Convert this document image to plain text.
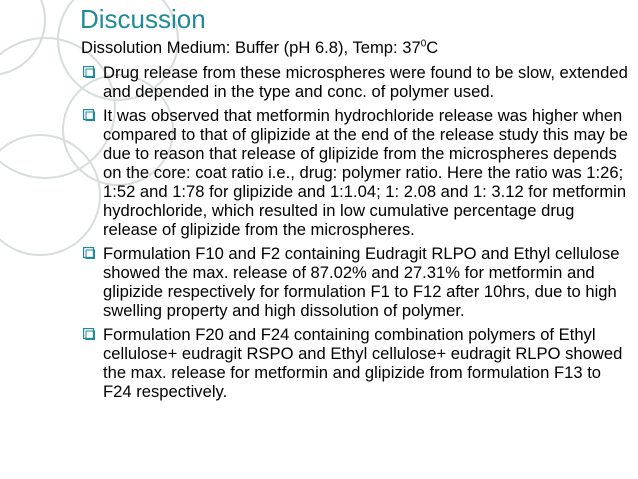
Discussion

Dissolution Medium: Buffer (pH 6.8), Temp: $37^0C$

Drug release from these microspheres were found to be slow, extended and depended in the type and conc. of polymer used.
It was observed that metformin hydrochloride release was higher when compared to that of glipizide at the end of the release study this may be due to reason that release of glipizide from the microspheres depends on the core: coat ratio i.e., drug: polymer ratio. Here the ratio was 1:26; 1:52 and 1:78 for glipizide and 1:1.04; 1: 2.08 and 1: 3.12 for metformin hydrochloride, which resulted in low cumulative percentage drug release of glipizide from the microspheres.
Formulation F10 and F2 containing Eudragit RLPO and Ethyl cellulose showed the max. release of 87.02% and 27.31% for metformin and glipizide respectively for formulation F1 to F12 after 10hrs, due to high swelling property and high dissolution of polymer.
Formulation F20 and F24 containing combination polymers of Ethyl cellulose+ eudragit RSPO and Ethyl cellulose+ eudragit RLPO showed the max. release for metformin and glipizide from formulation F13 to F24 respectively.
